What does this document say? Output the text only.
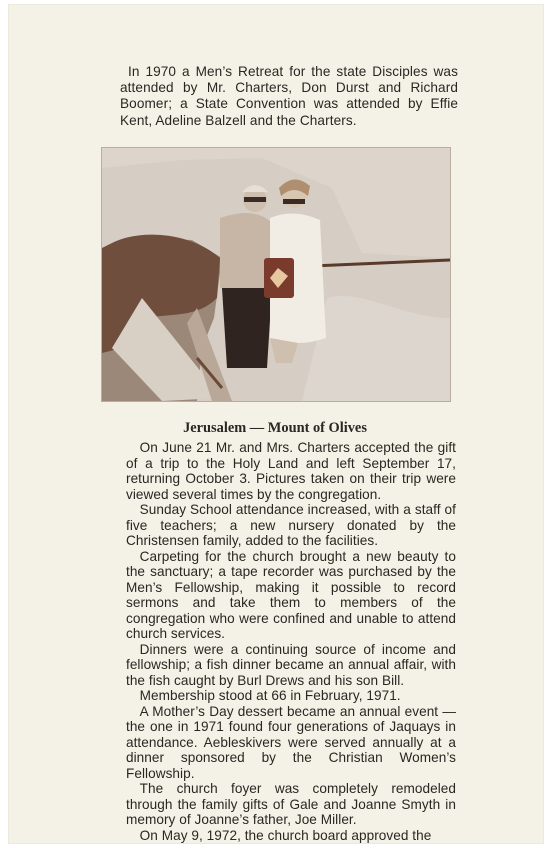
In 1970 a Men’s Retreat for the state Disciples was attended by Mr. Charters, Don Durst and Richard Boomer; a State Convention was attended by Effie Kent, Adeline Balzell and the Charters.

Jerusalem — Mount of Olives

 On June 21 Mr. and Mrs. Charters accepted the gift of a trip to the Holy Land and left September 17, returning October 3. Pictures taken on their trip were viewed several times by the congregation.

 Sunday School attendance increased, with a staff of five teachers; a new nursery donated by the Christensen family, added to the facilities.

 Carpeting for the church brought a new beauty to the sanctuary; a tape recorder was purchased by the Men’s Fellowship, making it possible to record sermons and take them to members of the congregation who were confined and unable to attend church services.

 Dinners were a continuing source of income and fellowship; a fish dinner became an annual affair, with the fish caught by Burl Drews and his son Bill.

 Membership stood at 66 in February, 1971.

 A Mother’s Day dessert became an annual event — the one in 1971 found four generations of Jaquays in attendance. Aebleskivers were served annually at a dinner sponsored by the Christian Women’s Fellowship.

 The church foyer was completely remodeled through the family gifts of Gale and Joanne Smyth in memory of Joanne’s father, Joe Miller.

 On May 9, 1972, the church board approved the
